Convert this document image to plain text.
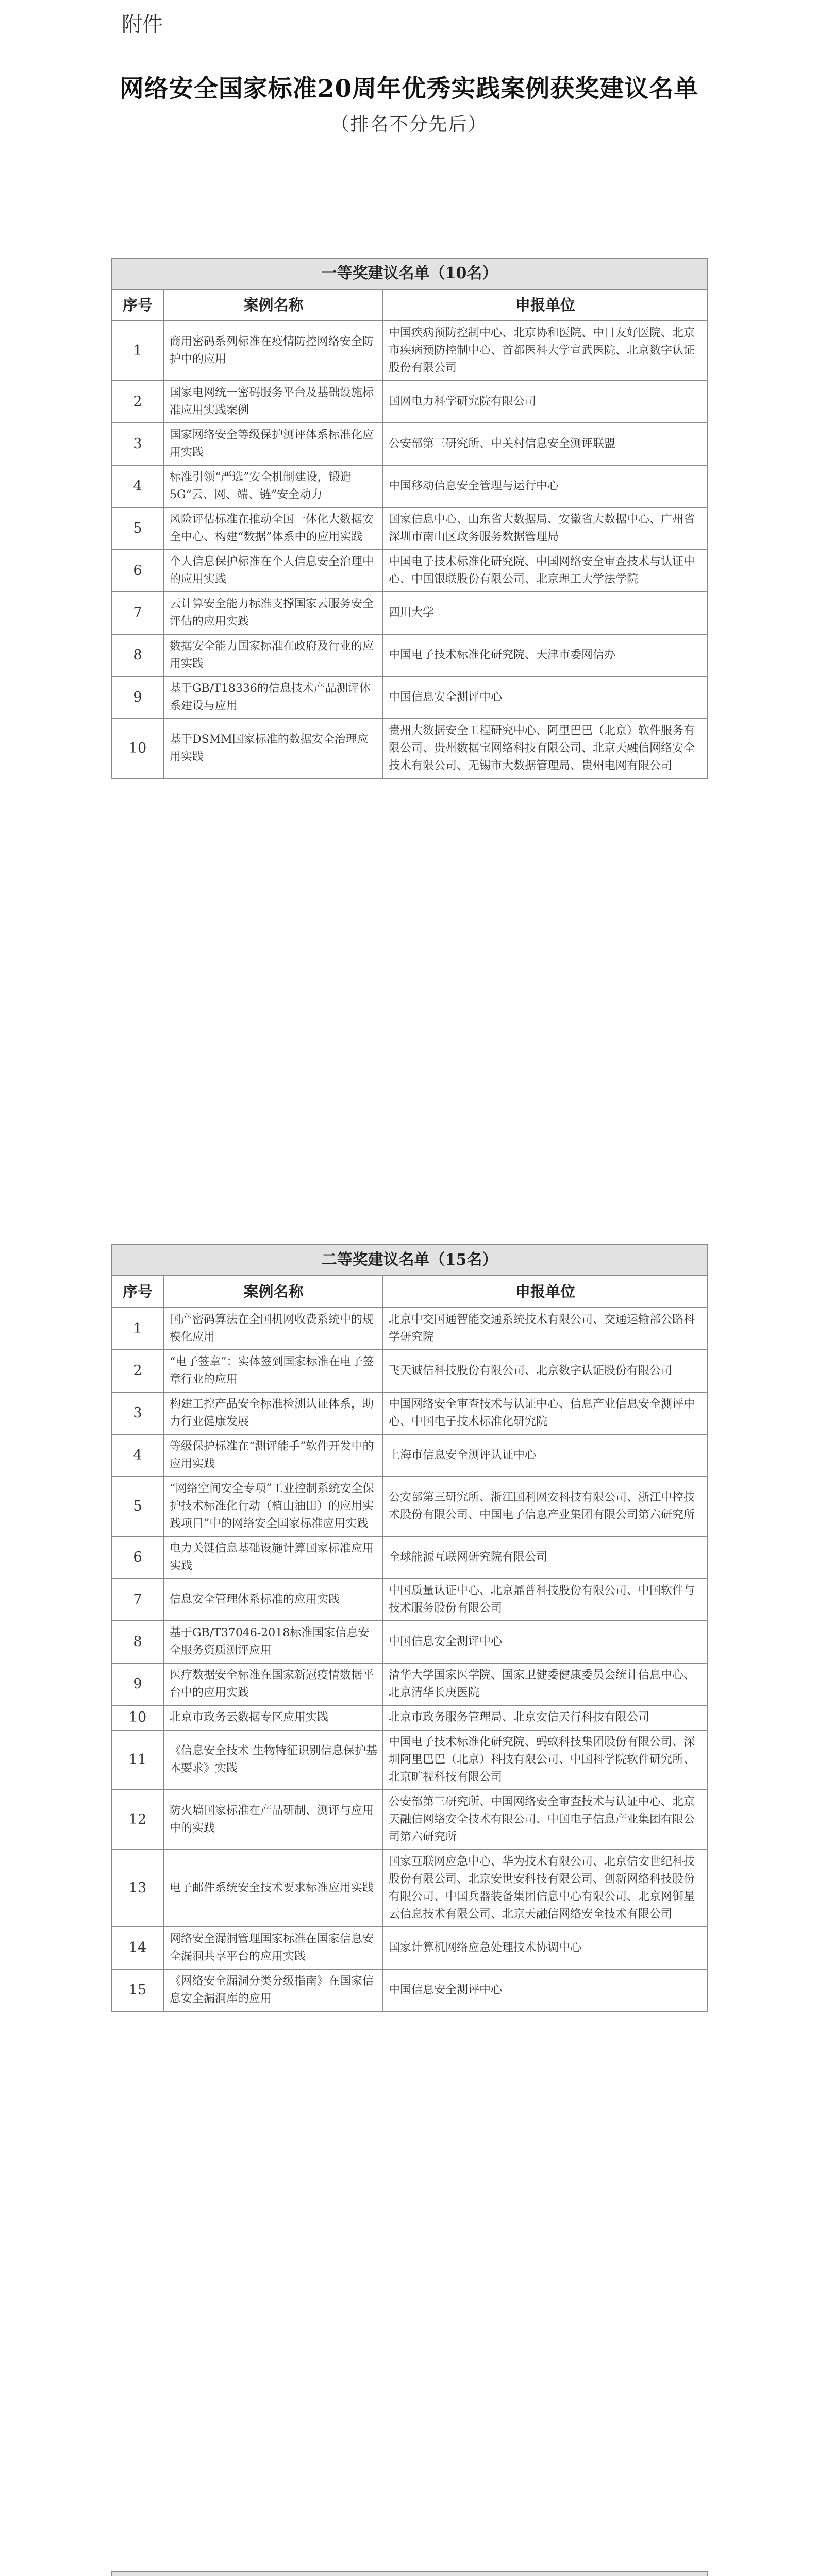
附件
网络安全国家标准20周年优秀实践案例获奖建议名单
（排名不分先后）
一等奖建议名单（10名）		
序号	案例名称	申报单位
1	商用密码系列标准在疫情防控网络安全防护中的应用	中国疾病预防控制中心、北京协和医院、中日友好医院、北京市疾病预防控制中心、首都医科大学宣武医院、北京数字认证股份有限公司
2	国家电网统一密码服务平台及基础设施标准应用实践案例	国网电力科学研究院有限公司
3	国家网络安全等级保护测评体系标准化应用实践	公安部第三研究所、中关村信息安全测评联盟
4	标准引领“严选”安全机制建设，锻造5G“云、网、端、链”安全动力	中国移动信息安全管理与运行中心
5	风险评估标准在推动全国一体化大数据安全中心、构建“数据”体系中的应用实践	国家信息中心、山东省大数据局、安徽省大数据中心、广州省深圳市南山区政务服务数据管理局
6	个人信息保护标准在个人信息安全治理中的应用实践	中国电子技术标准化研究院、中国网络安全审查技术与认证中心、中国银联股份有限公司、北京理工大学法学院
7	云计算安全能力标准支撑国家云服务安全评估的应用实践	四川大学
8	数据安全能力国家标准在政府及行业的应用实践	中国电子技术标准化研究院、天津市委网信办
9	基于GB/T18336的信息技术产品测评体系建设与应用	中国信息安全测评中心
10	基于DSMM国家标准的数据安全治理应用实践	贵州大数据安全工程研究中心、阿里巴巴（北京）软件服务有限公司、贵州数据宝网络科技有限公司、北京天融信网络安全技术有限公司、无锡市大数据管理局、贵州电网有限公司
二等奖建议名单（15名）		
序号	案例名称	申报单位
1	国产密码算法在全国机网收费系统中的规模化应用	北京中交国通智能交通系统技术有限公司、交通运输部公路科学研究院
2	“电子签章”：实体签到国家标准在电子签章行业的应用	飞天诚信科技股份有限公司、北京数字认证股份有限公司
3	构建工控产品安全标准检测认证体系，助力行业健康发展	中国网络安全审查技术与认证中心、信息产业信息安全测评中心、中国电子技术标准化研究院
4	等级保护标准在“测评能手”软件开发中的应用实践	上海市信息安全测评认证中心
5	“网络空间安全专项”工业控制系统安全保护技术标准化行动（植山油田）的应用实践项目”中的网络安全国家标准应用实践	公安部第三研究所、浙江国利网安科技有限公司、浙江中控技术股份有限公司、中国电子信息产业集团有限公司第六研究所
6	电力关键信息基础设施计算国家标准应用实践	全球能源互联网研究院有限公司
7	信息安全管理体系标准的应用实践	中国质量认证中心、北京鼎普科技股份有限公司、中国软件与技术服务股份有限公司
8	基于GB/T37046-2018标准国家信息安全服务资质测评应用	中国信息安全测评中心
9	医疗数据安全标准在国家新冠疫情数据平台中的应用实践	清华大学国家医学院、国家卫健委健康委员会统计信息中心、北京清华长庚医院
10	北京市政务云数据专区应用实践	北京市政务服务管理局、北京安信天行科技有限公司
11	《信息安全技术 生物特征识别信息保护基本要求》实践	中国电子技术标准化研究院、蚂蚁科技集团股份有限公司、深圳阿里巴巴（北京）科技有限公司、中国科学院软件研究所、北京旷视科技有限公司
12	防火墙国家标准在产品研制、测评与应用中的实践	公安部第三研究所、中国网络安全审查技术与认证中心、北京天融信网络安全技术有限公司、中国电子信息产业集团有限公司第六研究所
13	电子邮件系统安全技术要求标准应用实践	国家互联网应急中心、华为技术有限公司、北京信安世纪科技股份有限公司、北京安世安科技有限公司、创新网络科技股份有限公司、中国兵器装备集团信息中心有限公司、北京网御星云信息技术有限公司、北京天融信网络安全技术有限公司
14	网络安全漏洞管理国家标准在国家信息安全漏洞共享平台的应用实践	国家计算机网络应急处理技术协调中心
15	《网络安全漏洞分类分级指南》在国家信息安全漏洞库的应用	中国信息安全测评中心
